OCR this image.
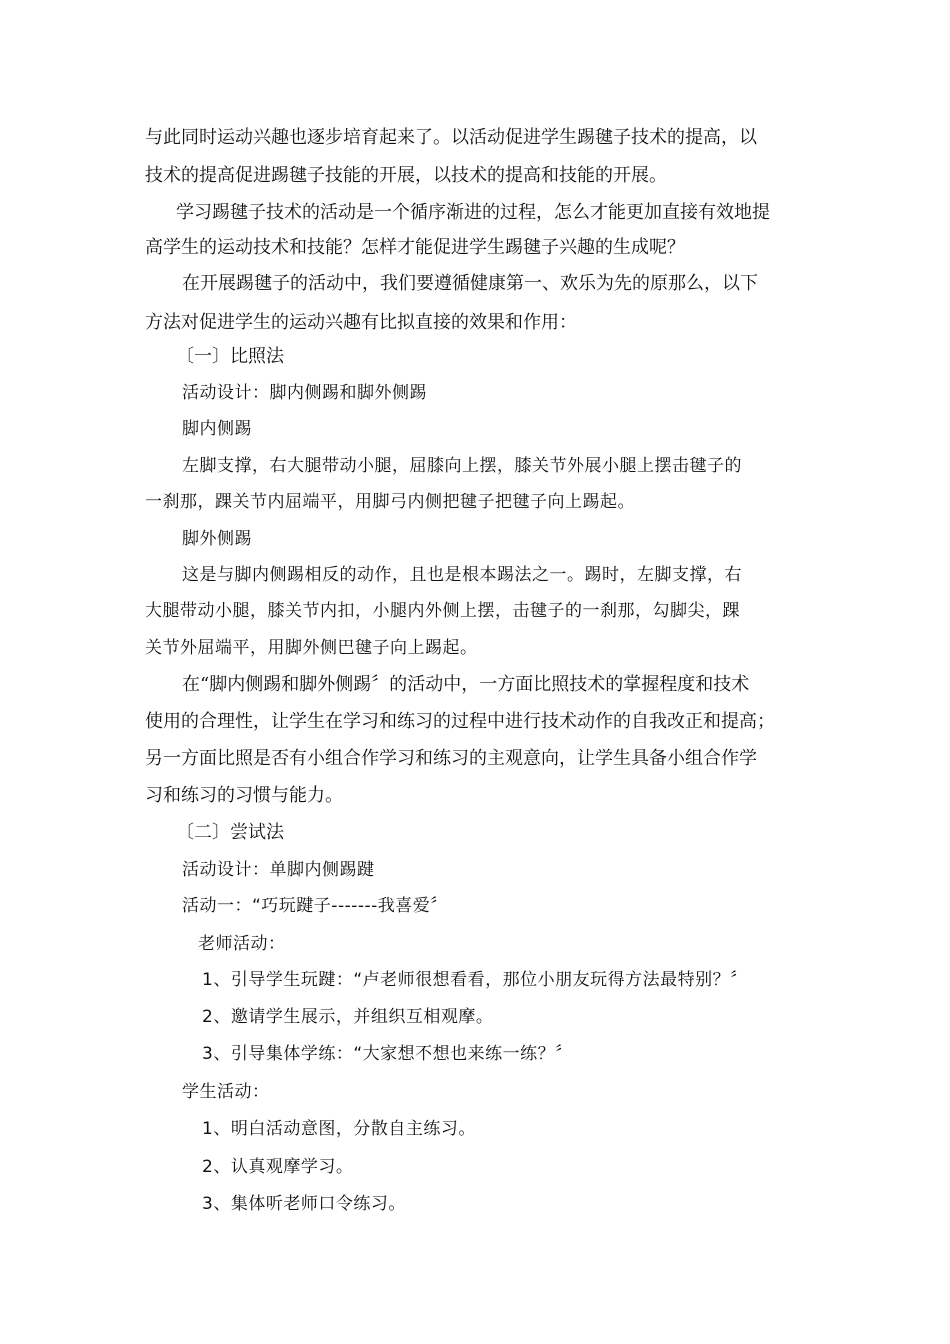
与此同时运动兴趣也逐步培育起来了。以活动促进学生踢毽子技术的提高，以
技术的提高促进踢毽子技能的开展，以技术的提高和技能的开展。
学习踢毽子技术的活动是一个循序渐进的过程，怎么才能更加直接有效地提
高学生的运动技术和技能？怎样才能促进学生踢毽子兴趣的生成呢？
在开展踢毽子的活动中，我们要遵循健康第一、欢乐为先的原那么，以下
方法对促进学生的运动兴趣有比拟直接的效果和作用：
〔一〕比照法
活动设计：脚内侧踢和脚外侧踢
脚内侧踢
左脚支撑，右大腿带动小腿，屈膝向上摆，膝关节外展小腿上摆击毽子的
一刹那，踝关节内屈端平，用脚弓内侧把毽子把毽子向上踢起。
脚外侧踢
这是与脚内侧踢相反的动作，且也是根本踢法之一。踢时，左脚支撑，右
大腿带动小腿，膝关节内扣，小腿内外侧上摆，击毽子的一刹那，勾脚尖，踝
关节外屈端平，用脚外侧巴毽子向上踢起。
在“脚内侧踢和脚外侧踢〞的活动中，一方面比照技术的掌握程度和技术
使用的合理性，让学生在学习和练习的过程中进行技术动作的自我改正和提高；
另一方面比照是否有小组合作学习和练习的主观意向，让学生具备小组合作学
习和练习的习惯与能力。
〔二〕尝试法
活动设计：单脚内侧踢踺
活动一：“巧玩踺子-------我喜爱〞
老师活动：
1、引导学生玩踺：“卢老师很想看看，那位小朋友玩得方法最特别？〞
2、邀请学生展示，并组织互相观摩。
3、引导集体学练：“大家想不想也来练一练？〞
学生活动：
1、明白活动意图，分散自主练习。
2、认真观摩学习。
3、集体听老师口令练习。
